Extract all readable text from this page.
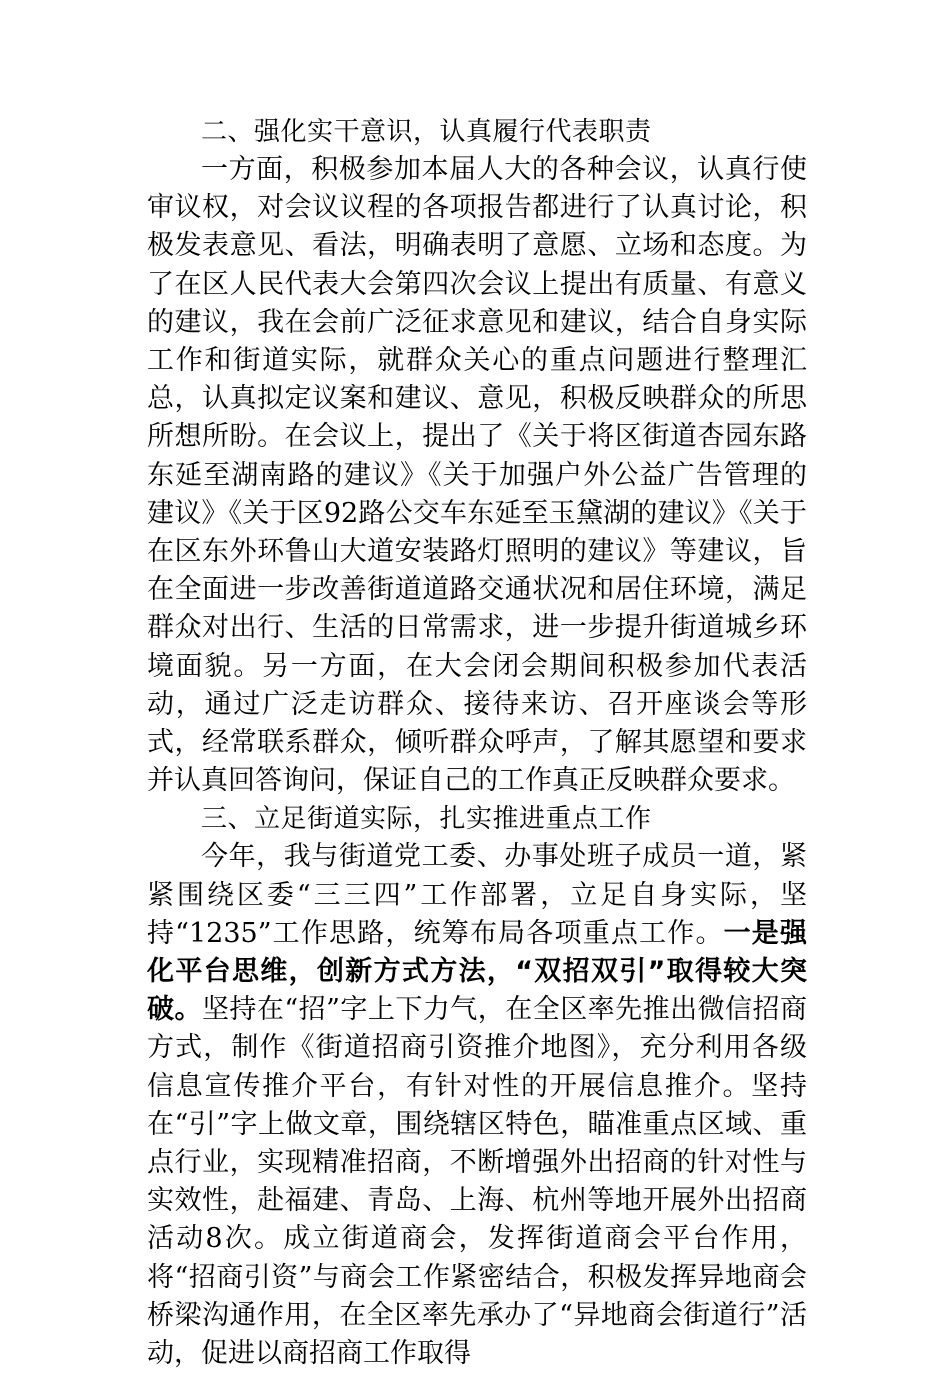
二、强化实干意识，认真履行代表职责

一方面，积极参加本届人大的各种会议，认真行使审议权，对会议议程的各项报告都进行了认真讨论，积极发表意见、看法，明确表明了意愿、立场和态度。为了在区人民代表大会第四次会议上提出有质量、有意义的建议，我在会前广泛征求意见和建议，结合自身实际工作和街道实际，就群众关心的重点问题进行整理汇总，认真拟定议案和建议、意见，积极反映群众的所思所想所盼。在会议上，提出了《关于将区街道杏园东路东延至湖南路的建议》《关于加强户外公益广告管理的建议》《关于区92路公交车东延至玉黛湖的建议》《关于在区东外环鲁山大道安装路灯照明的建议》等建议，旨在全面进一步改善街道道路交通状况和居住环境，满足群众对出行、生活的日常需求，进一步提升街道城乡环境面貌。另一方面，在大会闭会期间积极参加代表活动，通过广泛走访群众、接待来访、召开座谈会等形式，经常联系群众，倾听群众呼声，了解其愿望和要求并认真回答询问，保证自己的工作真正反映群众要求。

三、立足街道实际，扎实推进重点工作

今年，我与街道党工委、办事处班子成员一道，紧紧围绕区委“三三四”工作部署，立足自身实际，坚持“1235”工作思路，统筹布局各项重点工作。一是强化平台思维，创新方式方法，“双招双引”取得较大突破。坚持在“招”字上下力气，在全区率先推出微信招商方式，制作《街道招商引资推介地图》，充分利用各级信息宣传推介平台，有针对性的开展信息推介。坚持在“引”字上做文章，围绕辖区特色，瞄准重点区域、重点行业，实现精准招商，不断增强外出招商的针对性与实效性，赴福建、青岛、上海、杭州等地开展外出招商活动8次。成立街道商会，发挥街道商会平台作用，将“招商引资”与商会工作紧密结合，积极发挥异地商会桥梁沟通作用，在全区率先承办了“异地商会街道行”活动，促进以商招商工作取得
